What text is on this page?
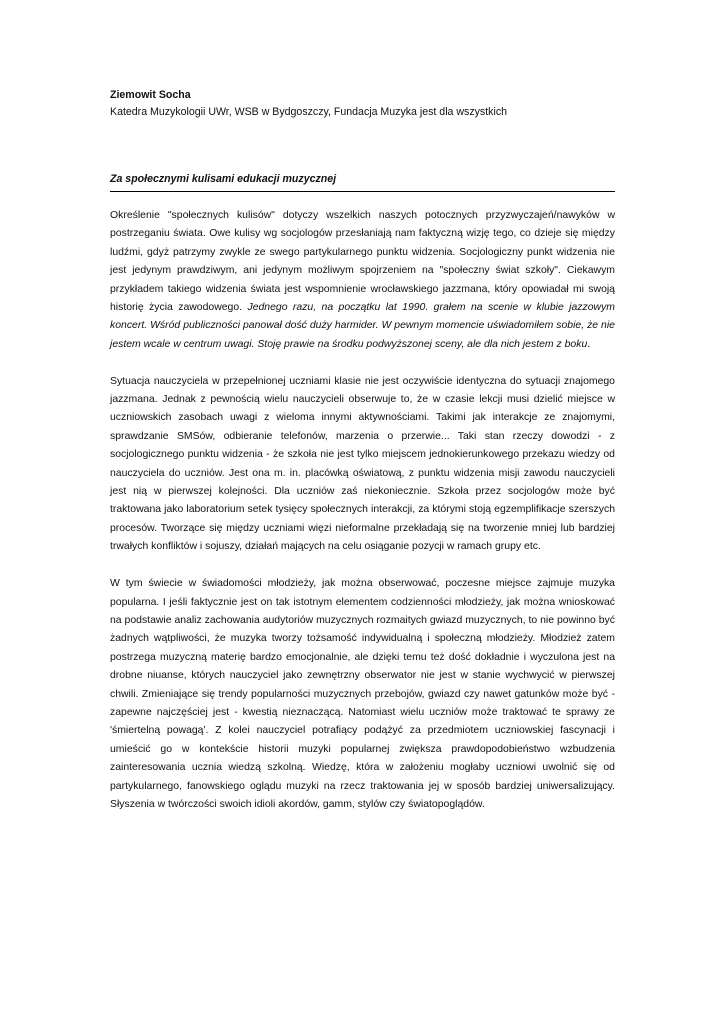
Ziemowit Socha
Katedra Muzykologii UWr, WSB w Bydgoszczy, Fundacja Muzyka jest dla wszystkich
Za społecznymi kulisami edukacji muzycznej

Określenie "społecznych kulisów" dotyczy wszelkich naszych potocznych przyzwyczajeń/nawyków w postrzeganiu świata. Owe kulisy wg socjologów przesłaniają nam faktyczną wizję tego, co dzieje się między ludźmi, gdyż patrzymy zwykle ze swego partykularnego punktu widzenia. Socjologiczny punkt widzenia nie jest jedynym prawdziwym, ani jedynym możliwym spojrzeniem na "społeczny świat szkoły". Ciekawym przykładem takiego widzenia świata jest wspomnienie wrocławskiego jazzmana, który opowiadał mi swoją historię życia zawodowego. Jednego razu, na początku lat 1990. grałem na scenie w klubie jazzowym koncert. Wśród publiczności panował dość duży harmider. W pewnym momencie uświadomiłem sobie, że nie jestem wcale w centrum uwagi. Stoję prawie na środku podwyższonej sceny, ale dla nich jestem z boku.

Sytuacja nauczyciela w przepełnionej uczniami klasie nie jest oczywiście identyczna do sytuacji znajomego jazzmana. Jednak z pewnością wielu nauczycieli obserwuje to, że w czasie lekcji musi dzielić miejsce w uczniowskich zasobach uwagi z wieloma innymi aktywnościami. Takimi jak interakcje ze znajomymi, sprawdzanie SMSów, odbieranie telefonów, marzenia o przerwie... Taki stan rzeczy dowodzi - z socjologicznego punktu widzenia - że szkoła nie jest tylko miejscem jednokierunkowego przekazu wiedzy od nauczyciela do uczniów. Jest ona m. in. placówką oświatową, z punktu widzenia misji zawodu nauczycieli jest nią w pierwszej kolejności. Dla uczniów zaś niekoniecznie. Szkoła przez socjologów może być traktowana jako laboratorium setek tysięcy społecznych interakcji, za którymi stoją egzemplifikacje szerszych procesów. Tworzące się między uczniami więzi nieformalne przekładają się na tworzenie mniej lub bardziej trwałych konfliktów i sojuszy, działań mających na celu osiąganie pozycji w ramach grupy etc.

W tym świecie w świadomości młodzieży, jak można obserwować, poczesne miejsce zajmuje muzyka popularna. I jeśli faktycznie jest on tak istotnym elementem codzienności młodzieży, jak można wnioskować na podstawie analiz zachowania audytoriów muzycznych rozmaitych gwiazd muzycznych, to nie powinno być żadnych wątpliwości, że muzyka tworzy tożsamość indywidualną i społeczną młodzieży. Młodzież zatem postrzega muzyczną materię bardzo emocjonalnie, ale dzięki temu też dość dokładnie i wyczulona jest na drobne niuanse, których nauczyciel jako zewnętrzny obserwator nie jest w stanie wychwycić w pierwszej chwili. Zmieniające się trendy popularności muzycznych przebojów, gwiazd czy nawet gatunków może być - zapewne najczęściej jest - kwestią nieznaczącą. Natomiast wielu uczniów może traktować te sprawy ze 'śmiertelną powagą'. Z kolei nauczyciel potrafiący podążyć za przedmiotem uczniowskiej fascynacji i umieścić go w kontekście historii muzyki popularnej zwiększa prawdopodobieństwo wzbudzenia zainteresowania ucznia wiedzą szkolną. Wiedzę, która w założeniu mogłaby uczniowi uwolnić się od partykularnego, fanowskiego oglądu muzyki na rzecz traktowania jej w sposób bardziej uniwersalizujący. Słyszenia w twórczości swoich idioli akordów, gamm, stylów czy światopoglądów.
